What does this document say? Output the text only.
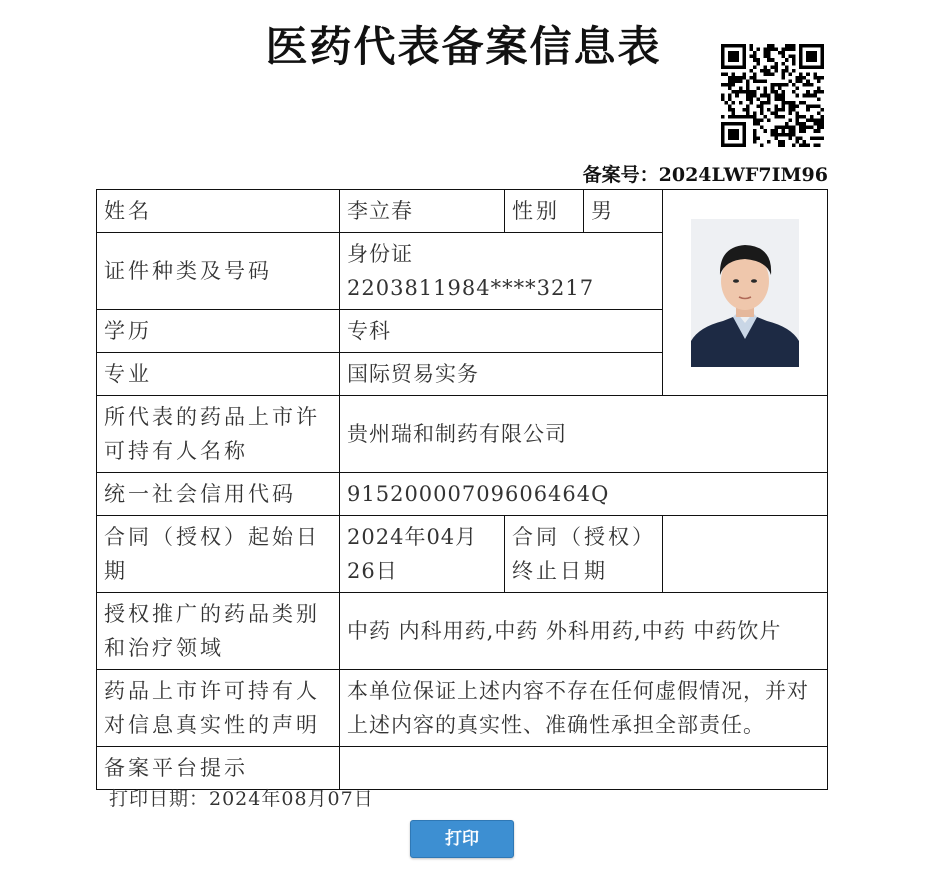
医药代表备案信息表
备案号：2024LWF7IM96
姓名	李立春	性别	男	

证件种类及号码	身份证 2203811984****3217			
学历	专科			
专业	国际贸易实务			
所代表的药品上市许可持有人名称	贵州瑞和制药有限公司			
统一社会信用代码	91520000709606464Q			
合同（授权）起始日期	2024年04月26日	合同（授权）终止日期		
授权推广的药品类别和治疗领域	中药 内科用药,中药 外科用药,中药 中药饮片			
药品上市许可持有人对信息真实性的声明	本单位保证上述内容不存在任何虚假情况，并对上述内容的真实性、准确性承担全部责任。			
备案平台提示				
打印日期：2024年08月07日
打印
